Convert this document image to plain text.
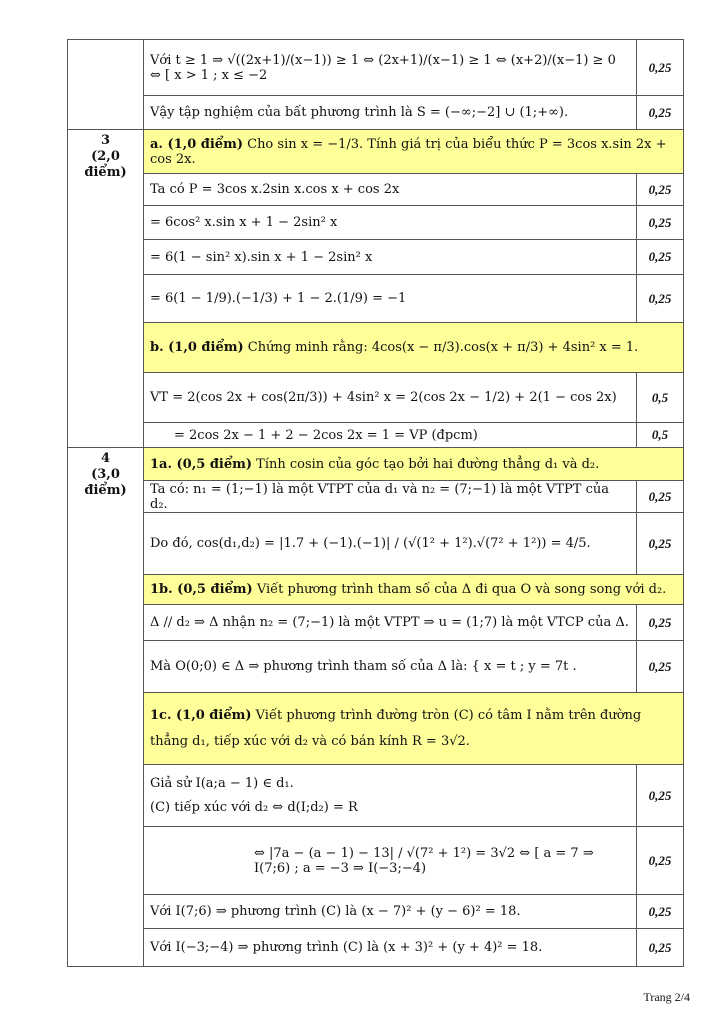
	Với t ≥ 1 ⇒ √((2x+1)/(x−1)) ≥ 1 ⇔ (2x+1)/(x−1) ≥ 1 ⇔ (x+2)/(x−1) ≥ 0 ⇔ [ x > 1 ; x ≤ −2	0,25
	Vậy tập nghiệm của bất phương trình là S = (−∞;−2] ∪ (1;+∞).	0,25

3
(2,0 điểm)	a. (1,0 điểm) Cho sin x = −1/3. Tính giá trị của biểu thức P = 3cos x.sin 2x + cos 2x.	
	Ta có P = 3cos x.2sin x.cos x + cos 2x	0,25
	= 6cos² x.sin x + 1 − 2sin² x	0,25
	= 6(1 − sin² x).sin x + 1 − 2sin² x	0,25
	= 6(1 − 1/9).(−1/3) + 1 − 2.(1/9) = −1	0,25
	b. (1,0 điểm) Chứng minh rằng: 4cos(x − π/3).cos(x + π/3) + 4sin² x = 1.	
	VT = 2(cos 2x + cos(2π/3)) + 4sin² x = 2(cos 2x − 1/2) + 2(1 − cos 2x)	0,5
	= 2cos 2x − 1 + 2 − 2cos 2x = 1 = VP (đpcm)	0,5

4
(3,0 điểm)	1a. (0,5 điểm) Tính cosin của góc tạo bởi hai đường thẳng d₁ và d₂.	
	Ta có: n₁ = (1;−1) là một VTPT của d₁ và n₂ = (7;−1) là một VTPT của d₂.	0,25
	Do đó, cos(d₁,d₂) = |1.7 + (−1).(−1)| / (√(1² + 1²).√(7² + 1²)) = 4/5.	0,25
	1b. (0,5 điểm) Viết phương trình tham số của Δ đi qua O và song song với d₂.	
	Δ // d₂ ⇒ Δ nhận n₂ = (7;−1) là một VTPT ⇒ u = (1;7) là một VTCP của Δ.	0,25
	Mà O(0;0) ∈ Δ ⇒ phương trình tham số của Δ là: { x = t ; y = 7t .	0,25
	1c. (1,0 điểm) Viết phương trình đường tròn (C) có tâm I nằm trên đường thẳng d₁, tiếp xúc với d₂ và có bán kính R = 3√2.	

	Giả sử I(a;a − 1) ∈ d₁.
(C) tiếp xúc với d₂ ⇔ d(I;d₂) = R	0,25
	⇔ |7a − (a − 1) − 13| / √(7² + 1²) = 3√2 ⇔ [ a = 7 ⇒ I(7;6) ; a = −3 ⇒ I(−3;−4)	0,25
	Với I(7;6) ⇒ phương trình (C) là (x − 7)² + (y − 6)² = 18.	0,25
	Với I(−3;−4) ⇒ phương trình (C) là (x + 3)² + (y + 4)² = 18.	0,25
Trang 2/4
